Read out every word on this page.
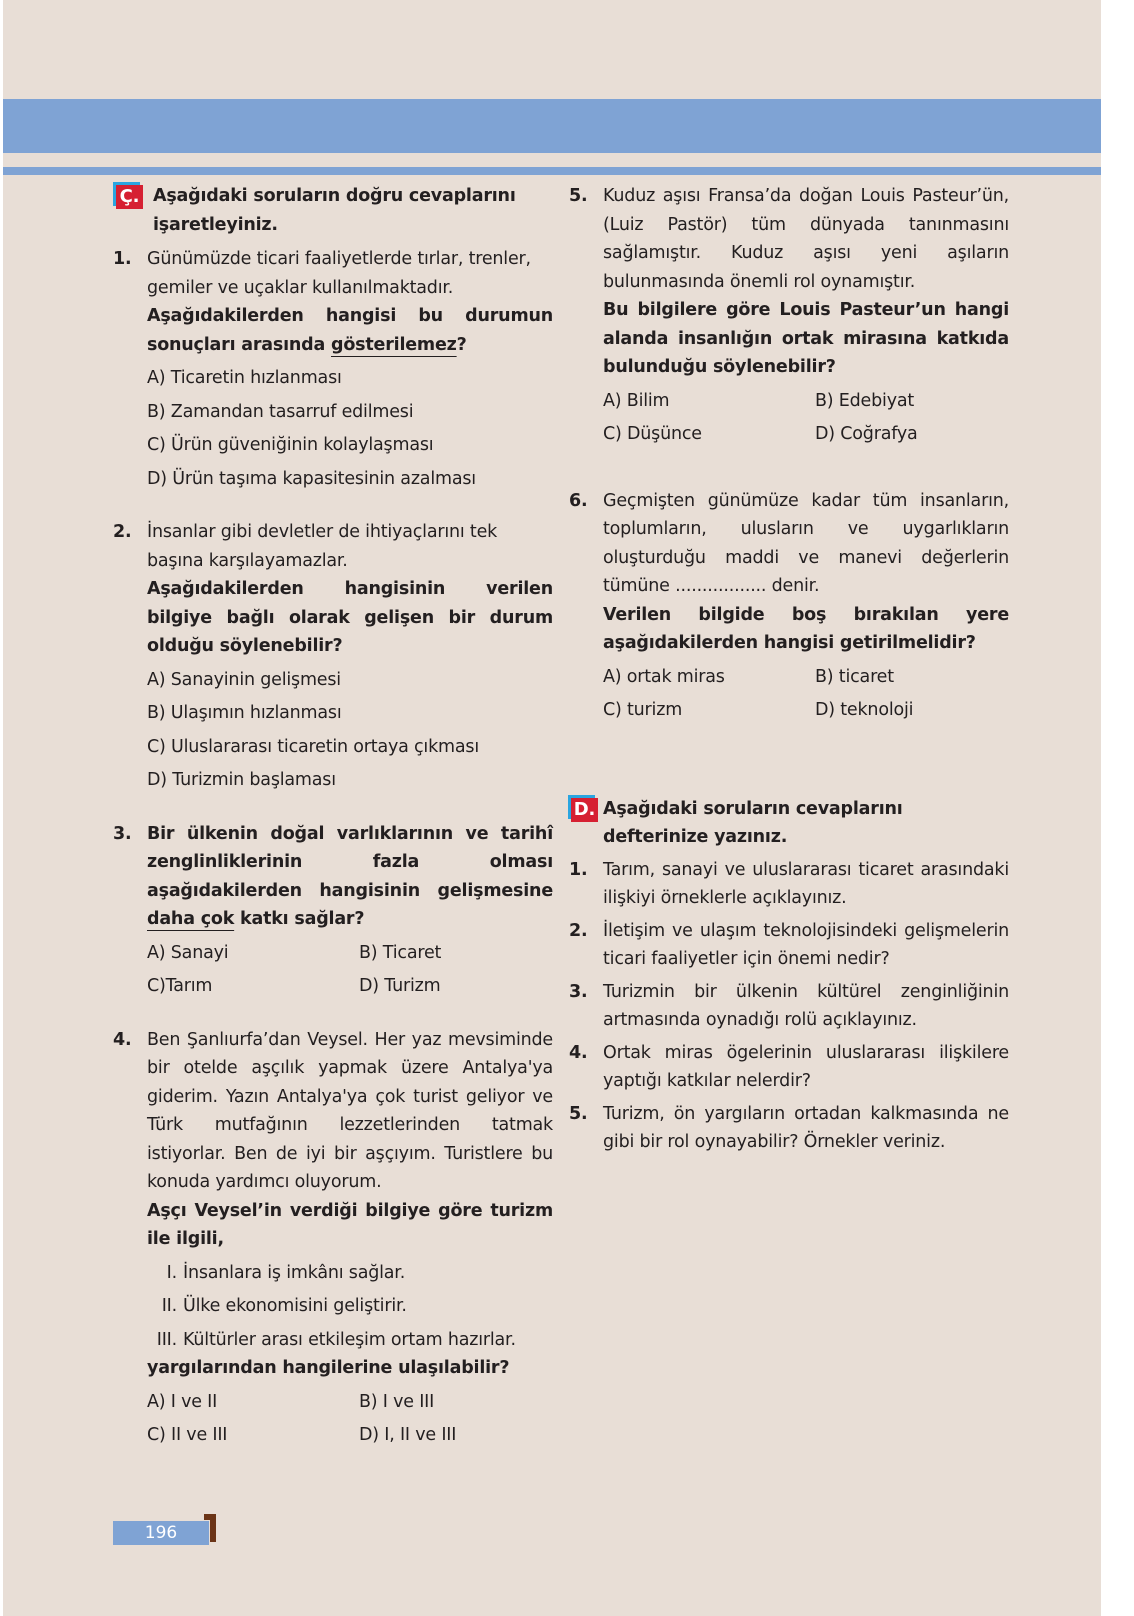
Ç. Aşağıdaki soruların doğru cevaplarını işaretleyiniz.
1. Günümüzde ticari faaliyetlerde tırlar, trenler, gemiler ve uçaklar kullanılmaktadır.

Aşağıdakilerden hangisi bu durumun sonuçları arasında gösterilemez?

A) Ticaretin hızlanması
B) Zamandan tasarruf edilmesi
C) Ürün güveniğinin kolaylaşması
D) Ürün taşıma kapasitesinin azalması
2. İnsanlar gibi devletler de ihtiyaçlarını tek başına karşılayamazlar.

Aşağıdakilerden hangisinin verilen bilgiye bağlı olarak gelişen bir durum olduğu söylenebilir?

A) Sanayinin gelişmesi
B) Ulaşımın hızlanması
C) Uluslararası ticaretin ortaya çıkması
D) Turizmin başlaması
3. Bir ülkenin doğal varlıklarının ve tarihî zenglinliklerinin fazla olması aşağıdakilerden hangisinin gelişmesine daha çok katkı sağlar?

A) Sanayi	B) Ticaret
C)Tarım	D) Turizm
4. Ben Şanlıurfa’dan Veysel. Her yaz mevsiminde bir otelde aşçılık yapmak üzere Antalya'ya giderim. Yazın Antalya'ya çok turist geliyor ve Türk mutfağının lezzetlerinden tatmak istiyorlar. Ben de iyi bir aşçıyım. Turistlere bu konuda yardımcı oluyorum.

Aşçı Veysel’in verdiği bilgiye göre turizm ile ilgili,

I. İnsanlara iş imkânı sağlar.
II. Ülke ekonomisini geliştirir.
III. Kültürler arası etkileşim ortam hazırlar.

yargılarından hangilerine ulaşılabilir?

A) I ve II	B) I ve III
C) II ve III	D) I, II ve III
5. Kuduz aşısı Fransa’da doğan Louis Pasteur’ün, (Luiz Pastör) tüm dünyada tanınmasını sağlamıştır. Kuduz aşısı yeni aşıların bulunmasında önemli rol oynamıştır.

Bu bilgilere göre Louis Pasteur’un hangi alanda insanlığın ortak mirasına katkıda bulunduğu söylenebilir?

A) Bilim	B) Edebiyat
C) Düşünce	D) Coğrafya
6. Geçmişten günümüze kadar tüm insanların, toplumların, ulusların ve uygarlıkların oluşturduğu maddi ve manevi değerlerin tümüne ................. denir.

Verilen bilgide boş bırakılan yere aşağıdakilerden hangisi getirilmelidir?

A) ortak miras	B) ticaret
C) turizm	D) teknoloji
D. Aşağıdaki soruların cevaplarını defterinize yazınız.
1. Tarım, sanayi ve uluslararası ticaret arasındaki ilişkiyi örneklerle açıklayınız.

2. İletişim ve ulaşım teknolojisindeki gelişmelerin ticari faaliyetler için önemi nedir?

3. Turizmin bir ülkenin kültürel zenginliğinin artmasında oynadığı rolü açıklayınız.

4. Ortak miras ögelerinin uluslararası ilişkilere yaptığı katkılar nelerdir?

5. Turizm, ön yargıların ortadan kalkmasında ne gibi bir rol oynayabilir? Örnekler veriniz.

196
